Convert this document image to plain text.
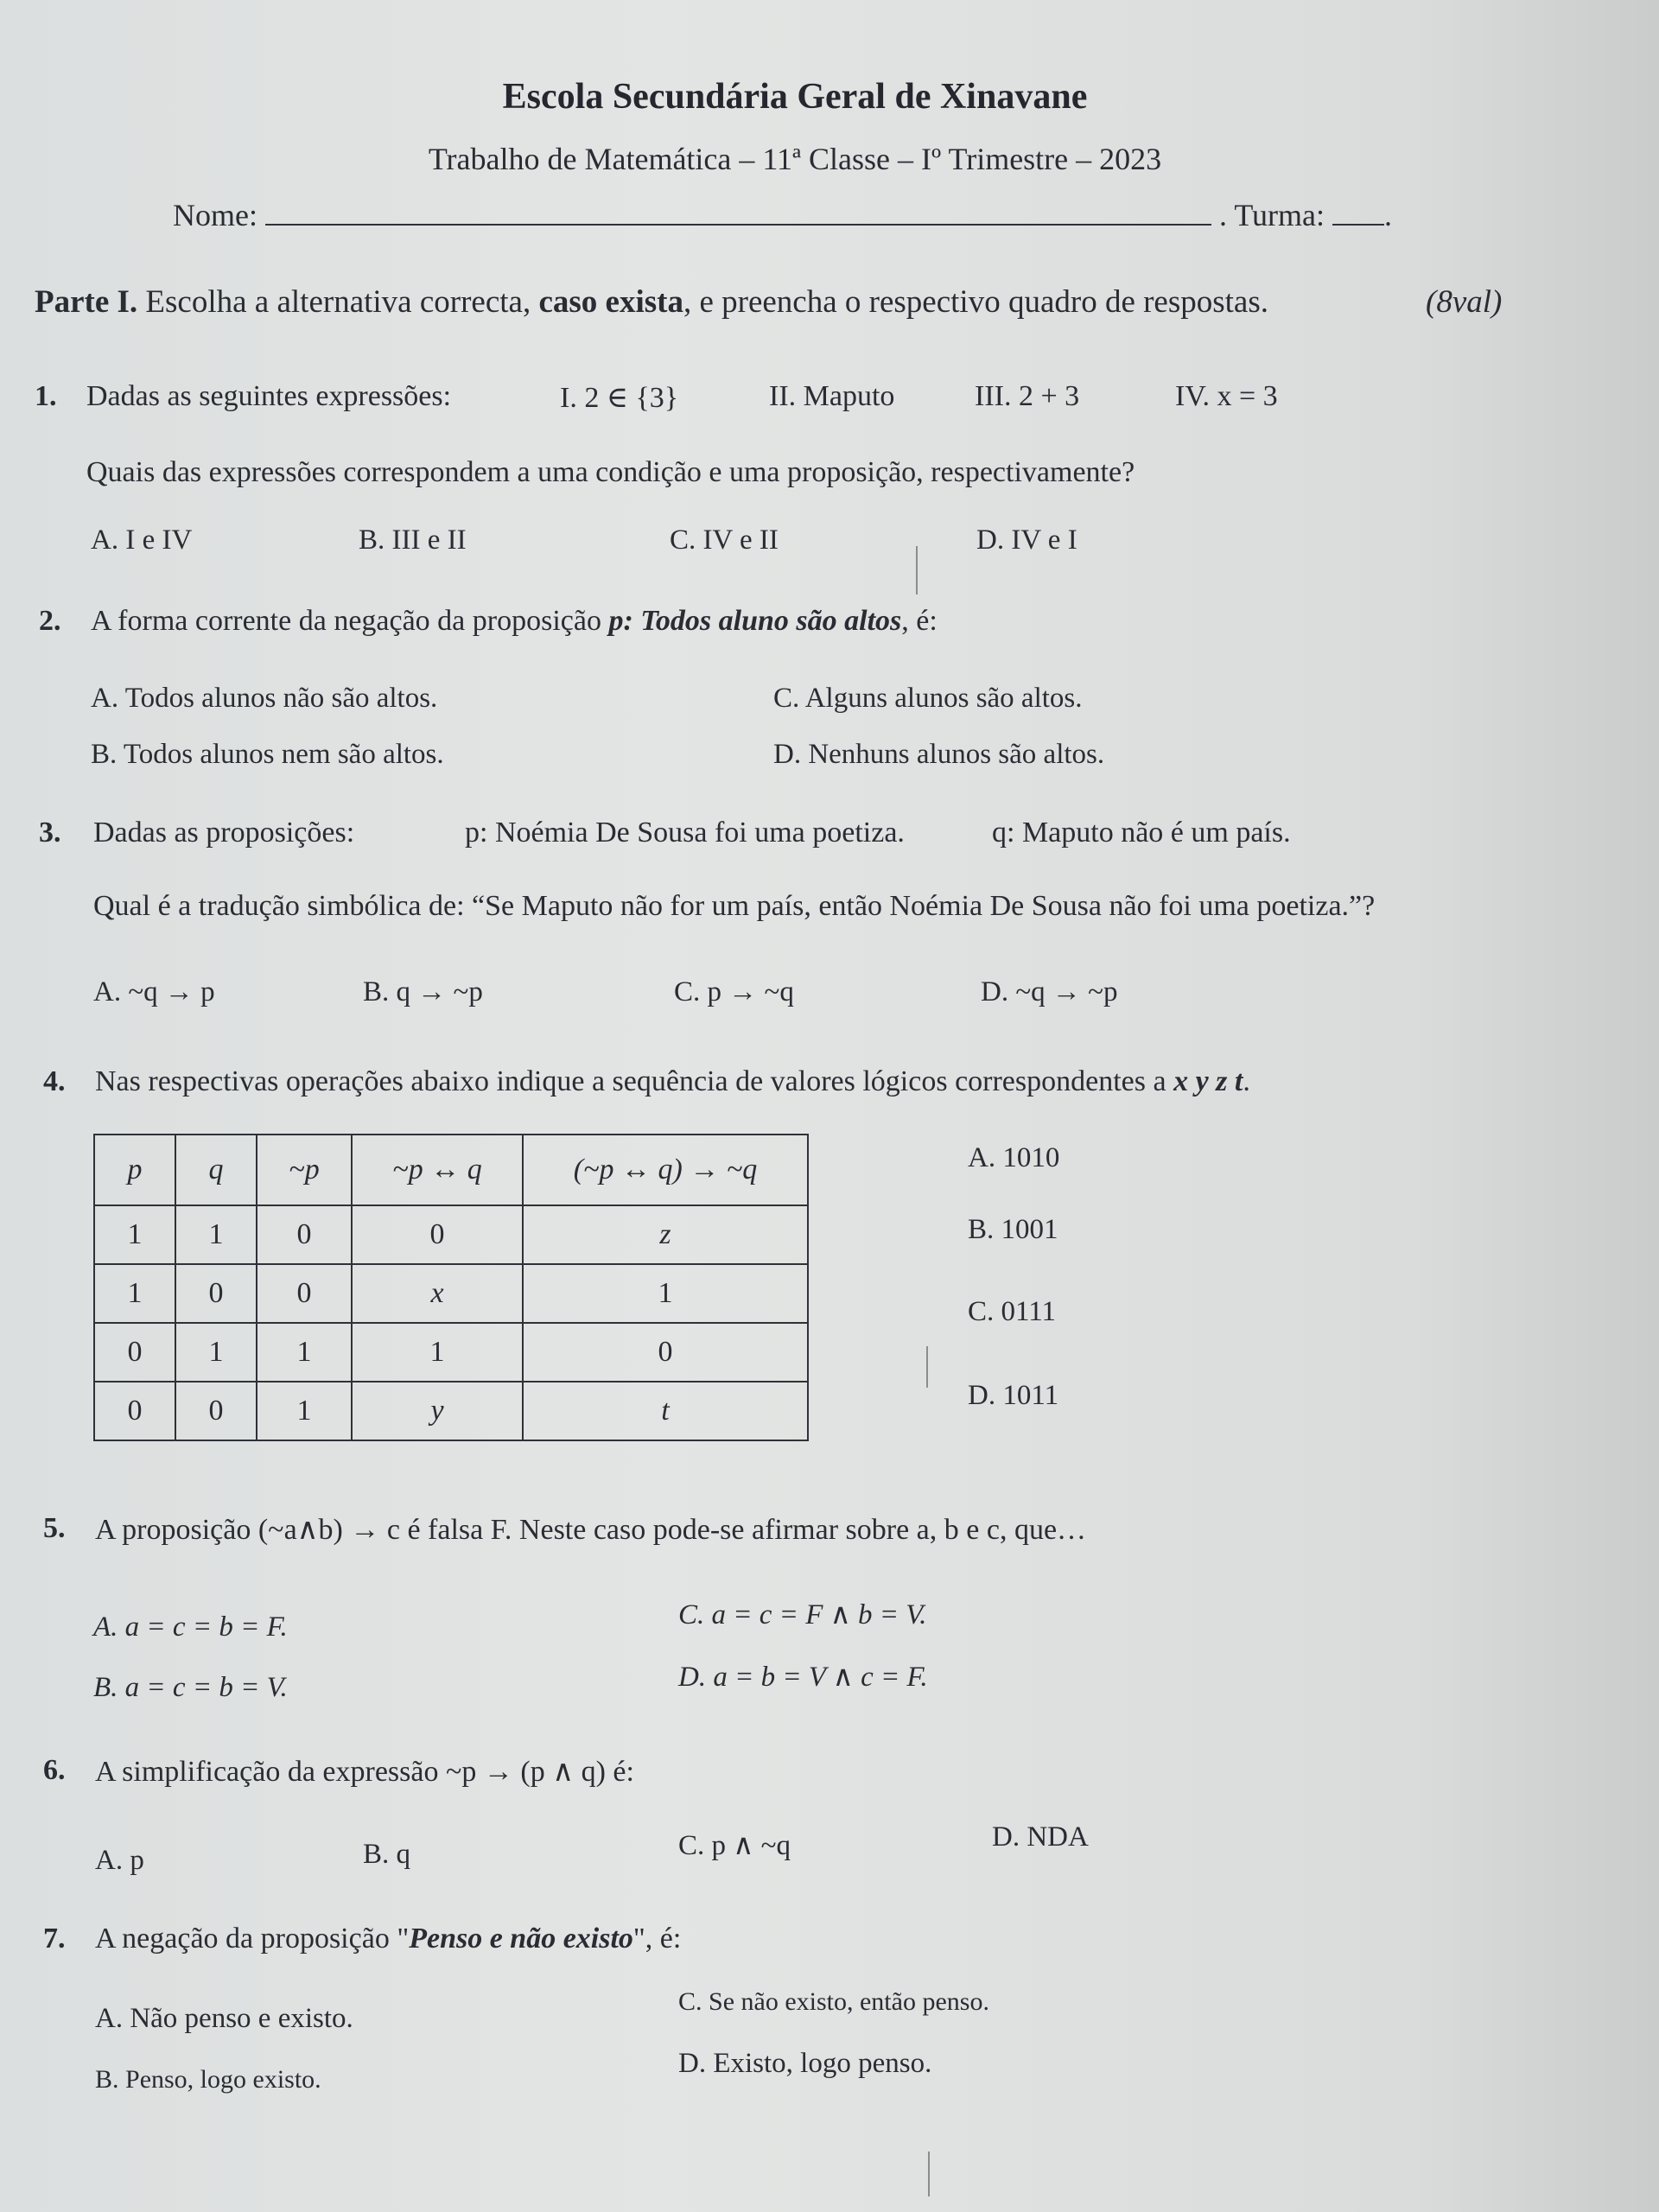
Escola Secundária Geral de Xinavane
Trabalho de Matemática – 11ª Classe – Iº Trimestre – 2023
Nome:	. Turma: .
Parte I. Escolha a alternativa correcta, caso exista, e preencha o respectivo quadro de respostas.	(8val)
1. Dadas as seguintes expressões:	I. 2 ∈ {3}	II. Maputo	III. 2 + 3	IV. x = 3
Quais das expressões correspondem a uma condição e uma proposição, respectivamente?
A. I e IV	B. III e II	C. IV e II	D. IV e I
2. A forma corrente da negação da proposição p: Todos aluno são altos, é:
A. Todos alunos não são altos.
B. Todos alunos nem são altos.
C. Alguns alunos são altos.
D. Nenhuns alunos são altos.
3. Dadas as proposições:	p: Noémia De Sousa foi uma poetiza.	q: Maputo não é um país.
Qual é a tradução simbólica de: “Se Maputo não for um país, então Noémia De Sousa não foi uma poetiza.”?
A. ~q → p	B. q → ~p	C. p → ~q	D. ~q → ~p
4. Nas respectivas operações abaixo indique a sequência de valores lógicos correspondentes a x y z t.
p	q	~p	~p ↔ q	(~p ↔ q) → ~q
1	1	0	0	z
1	0	0	x	1
0	1	1	1	0
0	0	1	y	t
A. 1010
B. 1001
C. 0111
D. 1011
5. A proposição (~a∧b) → c é falsa F. Neste caso pode-se afirmar sobre a, b e c, que…
A. a = c = b = F.
B. a = c = b = V.
C. a = c = F ∧ b = V.
D. a = b = V ∧ c = F.
6. A simplificação da expressão ~p → (p ∧ q) é:
A. p	B. q	C. p ∧ ~q	D. NDA
7. A negação da proposição "Penso e não existo", é:
A. Não penso e existo.
B. Penso, logo existo.
C. Se não existo, então penso.
D. Existo, logo penso.
